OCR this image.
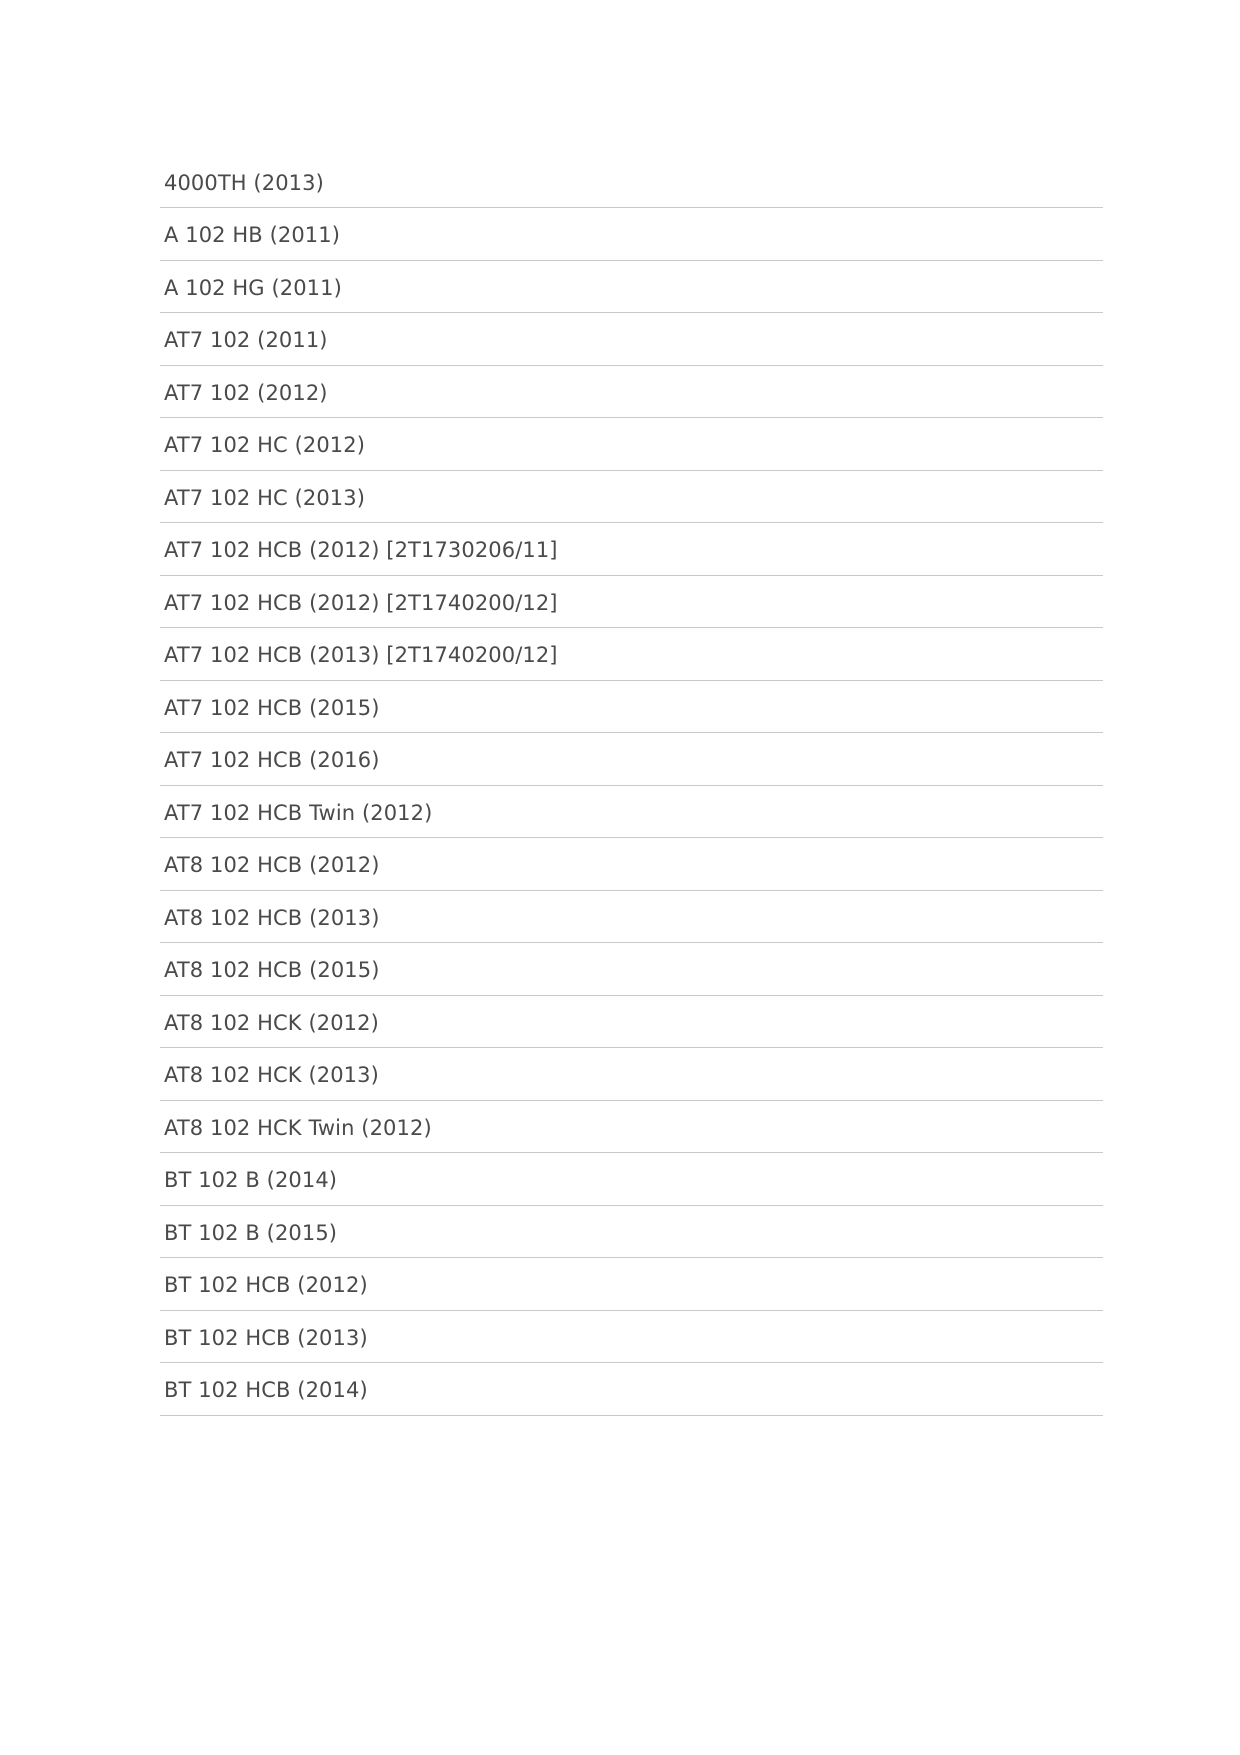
4000TH (2013)
A 102 HB (2011)
A 102 HG (2011)
AT7 102 (2011)
AT7 102 (2012)
AT7 102 HC (2012)
AT7 102 HC (2013)
AT7 102 HCB (2012) [2T1730206/11]
AT7 102 HCB (2012) [2T1740200/12]
AT7 102 HCB (2013) [2T1740200/12]
AT7 102 HCB (2015)
AT7 102 HCB (2016)
AT7 102 HCB Twin (2012)
AT8 102 HCB (2012)
AT8 102 HCB (2013)
AT8 102 HCB (2015)
AT8 102 HCK (2012)
AT8 102 HCK (2013)
AT8 102 HCK Twin (2012)
BT 102 B (2014)
BT 102 B (2015)
BT 102 HCB (2012)
BT 102 HCB (2013)
BT 102 HCB (2014)
